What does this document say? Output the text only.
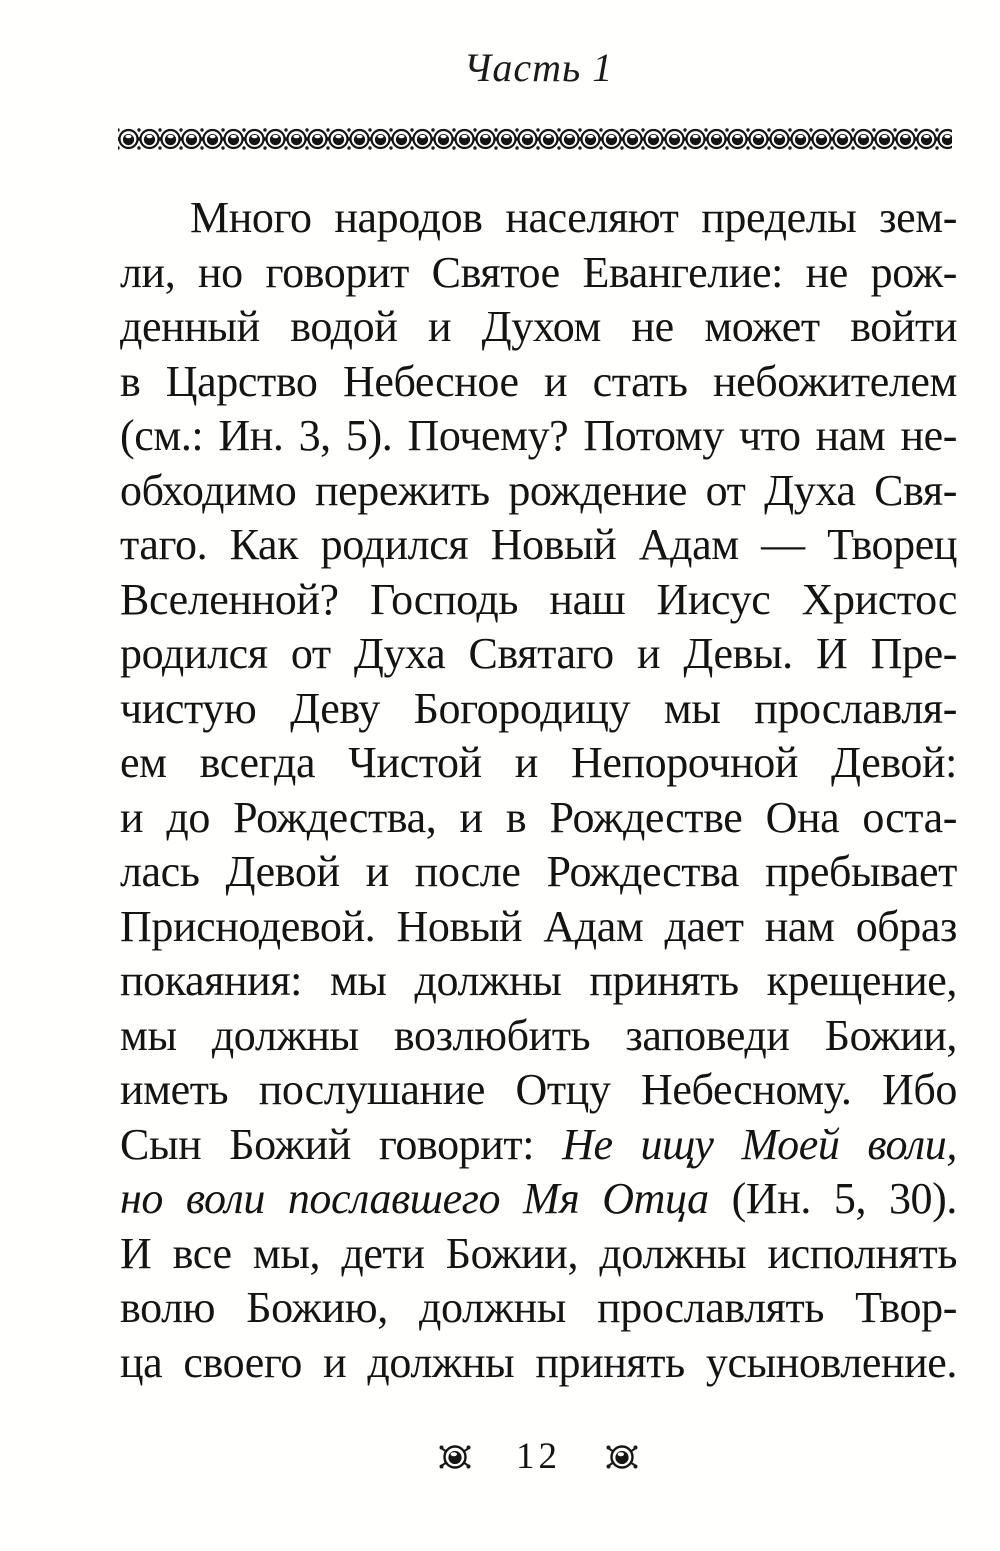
Часть 1
Много народов населяют пределы зем-
ли, но говорит Святое Евангелие: не рож-
денный водой и Духом не может войти
в Царство Небесное и стать небожителем
(см.: Ин. 3, 5). Почему? Потому что нам не-
обходимо пережить рождение от Духа Свя-
таго. Как родился Новый Адам — Творец
Вселенной? Господь наш Иисус Христос
родился от Духа Святаго и Девы. И Пре-
чистую Деву Богородицу мы прославля-
ем всегда Чистой и Непорочной Девой:
и до Рождества, и в Рождестве Она оста-
лась Девой и после Рождества пребывает
Приснодевой. Новый Адам дает нам образ
покаяния: мы должны принять крещение,
мы должны возлюбить заповеди Божии,
иметь послушание Отцу Небесному. Ибо
Сын Божий говорит: Не ищу Моей воли,
но воли пославшего Мя Отца (Ин. 5, 30).
И все мы, дети Божии, должны исполнять
волю Божию, должны прославлять Твор-
ца своего и должны принять усыновление.
12
